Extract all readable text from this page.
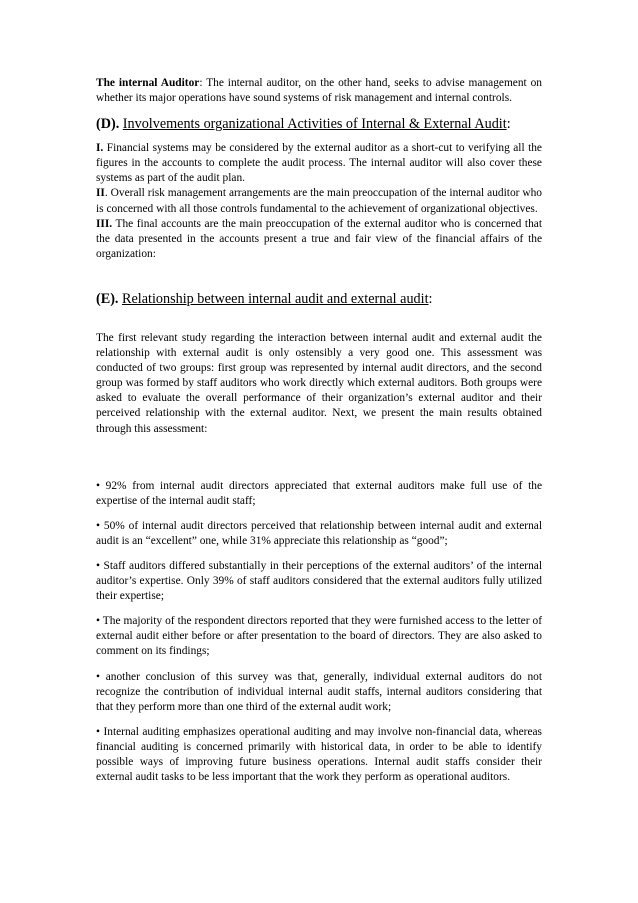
The internal Auditor: The internal auditor, on the other hand, seeks to advise management on whether its major operations have sound systems of risk management and internal controls.

(D). Involvements organizational Activities of Internal & External Audit:

I. Financial systems may be considered by the external auditor as a short-cut to verifying all the figures in the accounts to complete the audit process. The internal auditor will also cover these systems as part of the audit plan.

II. Overall risk management arrangements are the main preoccupation of the internal auditor who is concerned with all those controls fundamental to the achievement of organizational objectives.

III. The final accounts are the main preoccupation of the external auditor who is concerned that the data presented in the accounts present a true and fair view of the financial affairs of the organization:

(E). Relationship between internal audit and external audit:

The first relevant study regarding the interaction between internal audit and external audit the relationship with external audit is only ostensibly a very good one. This assessment was conducted of two groups: first group was represented by internal audit directors, and the second group was formed by staff auditors who work directly which external auditors. Both groups were asked to evaluate the overall performance of their organization’s external auditor and their perceived relationship with the external auditor. Next, we present the main results obtained through this assessment:

• 92% from internal audit directors appreciated that external auditors make full use of the expertise of the internal audit staff;

• 50% of internal audit directors perceived that relationship between internal audit and external audit is an “excellent” one, while 31% appreciate this relationship as “good”;

• Staff auditors differed substantially in their perceptions of the external auditors’ of the internal auditor’s expertise. Only 39% of staff auditors considered that the external auditors fully utilized their expertise;

• The majority of the respondent directors reported that they were furnished access to the letter of external audit either before or after presentation to the board of directors. They are also asked to comment on its findings;

• another conclusion of this survey was that, generally, individual external auditors do not recognize the contribution of individual internal audit staffs, internal auditors considering that that they perform more than one third of the external audit work;

• Internal auditing emphasizes operational auditing and may involve non-financial data, whereas financial auditing is concerned primarily with historical data, in order to be able to identify possible ways of improving future business operations. Internal audit staffs consider their external audit tasks to be less important that the work they perform as operational auditors.
